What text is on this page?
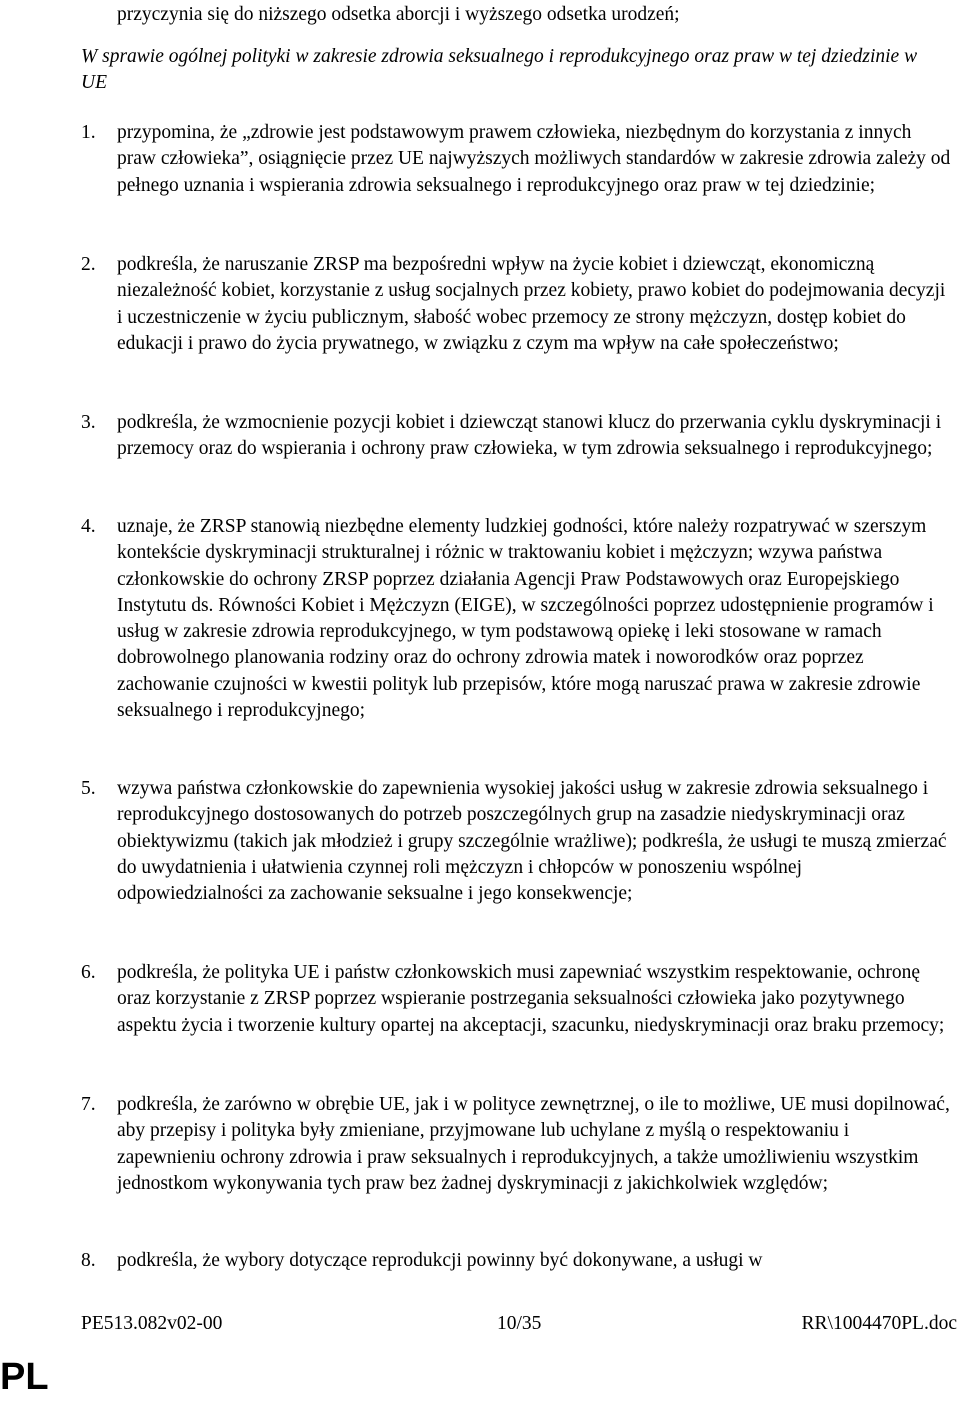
przyczynia się do niższego odsetka aborcji i wyższego odsetka urodzeń;
W sprawie ogólnej polityki w zakresie zdrowia seksualnego i reprodukcyjnego oraz praw w tej dziedzinie w UE
1. przypomina, że „zdrowie jest podstawowym prawem człowieka, niezbędnym do korzystania z innych praw człowieka”, osiągnięcie przez UE najwyższych możliwych standardów w zakresie zdrowia zależy od pełnego uznania i wspierania zdrowia seksualnego i reprodukcyjnego oraz praw w tej dziedzinie;
2. podkreśla, że naruszanie ZRSP ma bezpośredni wpływ na życie kobiet i dziewcząt, ekonomiczną niezależność kobiet, korzystanie z usług socjalnych przez kobiety, prawo kobiet do podejmowania decyzji i uczestniczenie w życiu publicznym, słabość wobec przemocy ze strony mężczyzn, dostęp kobiet do edukacji i prawo do życia prywatnego, w związku z czym ma wpływ na całe społeczeństwo;
3. podkreśla, że wzmocnienie pozycji kobiet i dziewcząt stanowi klucz do przerwania cyklu dyskryminacji i przemocy oraz do wspierania i ochrony praw człowieka, w tym zdrowia seksualnego i reprodukcyjnego;
4. uznaje, że ZRSP stanowią niezbędne elementy ludzkiej godności, które należy rozpatrywać w szerszym kontekście dyskryminacji strukturalnej i różnic w traktowaniu kobiet i mężczyzn; wzywa państwa członkowskie do ochrony ZRSP poprzez działania Agencji Praw Podstawowych oraz Europejskiego Instytutu ds. Równości Kobiet i Mężczyzn (EIGE), w szczególności poprzez udostępnienie programów i usług w zakresie zdrowia reprodukcyjnego, w tym podstawową opiekę i leki stosowane w ramach dobrowolnego planowania rodziny oraz do ochrony zdrowia matek i noworodków oraz poprzez zachowanie czujności w kwestii polityk lub przepisów, które mogą naruszać prawa w zakresie zdrowie seksualnego i reprodukcyjnego;
5. wzywa państwa członkowskie do zapewnienia wysokiej jakości usług w zakresie zdrowia seksualnego i reprodukcyjnego dostosowanych do potrzeb poszczególnych grup na zasadzie niedyskryminacji oraz obiektywizmu (takich jak młodzież i grupy szczególnie wrażliwe); podkreśla, że usługi te muszą zmierzać do uwydatnienia i ułatwienia czynnej roli mężczyzn i chłopców w ponoszeniu wspólnej odpowiedzialności za zachowanie seksualne i jego konsekwencje;
6. podkreśla, że polityka UE i państw członkowskich musi zapewniać wszystkim respektowanie, ochronę oraz korzystanie z ZRSP poprzez wspieranie postrzegania seksualności człowieka jako pozytywnego aspektu życia i tworzenie kultury opartej na akceptacji, szacunku, niedyskryminacji oraz braku przemocy;
7. podkreśla, że zarówno w obrębie UE, jak i w polityce zewnętrznej, o ile to możliwe, UE musi dopilnować, aby przepisy i polityka były zmieniane, przyjmowane lub uchylane z myślą o respektowaniu i zapewnieniu ochrony zdrowia i praw seksualnych i reprodukcyjnych, a także umożliwieniu wszystkim jednostkom wykonywania tych praw bez żadnej dyskryminacji z jakichkolwiek względów;
8. podkreśla, że wybory dotyczące reprodukcji powinny być dokonywane, a usługi w
PE513.082v02-00	10/35	RR\1004470PL.doc
PL
